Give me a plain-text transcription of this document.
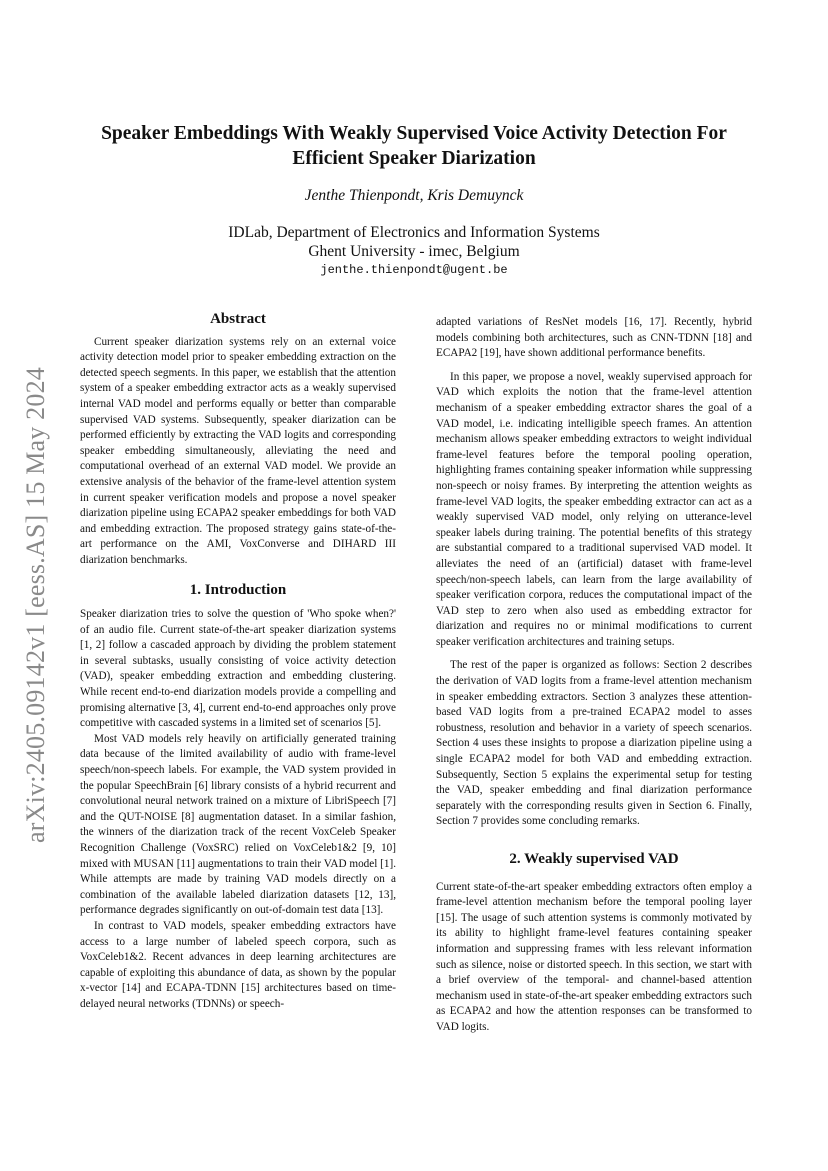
arXiv:2405.09142v1 [eess.AS] 15 May 2024
Speaker Embeddings With Weakly Supervised Voice Activity Detection For
Efficient Speaker Diarization
Jenthe Thienpondt, Kris Demuynck
IDLab, Department of Electronics and Information Systems
Ghent University - imec, Belgium
jenthe.thienpondt@ugent.be
Abstract

Current speaker diarization systems rely on an external voice activity detection model prior to speaker embedding extraction on the detected speech segments. In this paper, we establish that the attention system of a speaker embedding extractor acts as a weakly supervised internal VAD model and performs equally or better than comparable supervised VAD systems. Subsequently, speaker diarization can be performed efficiently by extracting the VAD logits and corresponding speaker embedding simultaneously, alleviating the need and computational overhead of an external VAD model. We provide an extensive analysis of the behavior of the frame-level attention system in current speaker verification models and propose a novel speaker diarization pipeline using ECAPA2 speaker embeddings for both VAD and embedding extraction. The proposed strategy gains state-of-the-art performance on the AMI, VoxConverse and DIHARD III diarization benchmarks.

1. Introduction

Speaker diarization tries to solve the question of 'Who spoke when?' of an audio file. Current state-of-the-art speaker diarization systems [1, 2] follow a cascaded approach by dividing the problem statement in several subtasks, usually consisting of voice activity detection (VAD), speaker embedding extraction and embedding clustering. While recent end-to-end diarization models provide a compelling and promising alternative [3, 4], current end-to-end approaches only prove competitive with cascaded systems in a limited set of scenarios [5].

Most VAD models rely heavily on artificially generated training data because of the limited availability of audio with frame-level speech/non-speech labels. For example, the VAD system provided in the popular SpeechBrain [6] library consists of a hybrid recurrent and convolutional neural network trained on a mixture of LibriSpeech [7] and the QUT-NOISE [8] augmentation dataset. In a similar fashion, the winners of the diarization track of the recent VoxCeleb Speaker Recognition Challenge (VoxSRC) relied on VoxCeleb1&2 [9, 10] mixed with MUSAN [11] augmentations to train their VAD model [1]. While attempts are made by training VAD models directly on a combination of the available labeled diarization datasets [12, 13], performance degrades significantly on out-of-domain test data [13].

In contrast to VAD models, speaker embedding extractors have access to a large number of labeled speech corpora, such as VoxCeleb1&2. Recent advances in deep learning architectures are capable of exploiting this abundance of data, as shown by the popular x-vector [14] and ECAPA-TDNN [15] architectures based on time-delayed neural networks (TDNNs) or speech-

adapted variations of ResNet models [16, 17]. Recently, hybrid models combining both architectures, such as CNN-TDNN [18] and ECAPA2 [19], have shown additional performance benefits.

In this paper, we propose a novel, weakly supervised approach for VAD which exploits the notion that the frame-level attention mechanism of a speaker embedding extractor shares the goal of a VAD model, i.e. indicating intelligible speech frames. An attention mechanism allows speaker embedding extractors to weight individual frame-level features before the temporal pooling operation, highlighting frames containing speaker information while suppressing non-speech or noisy frames. By interpreting the attention weights as frame-level VAD logits, the speaker embedding extractor can act as a weakly supervised VAD model, only relying on utterance-level speaker labels during training. The potential benefits of this strategy are substantial compared to a traditional supervised VAD model. It alleviates the need of an (artificial) dataset with frame-level speech/non-speech labels, can learn from the large availability of speaker verification corpora, reduces the computational impact of the VAD step to zero when also used as embedding extractor for diarization and requires no or minimal modifications to current speaker verification architectures and training setups.

The rest of the paper is organized as follows: Section 2 describes the derivation of VAD logits from a frame-level attention mechanism in speaker embedding extractors. Section 3 analyzes these attention-based VAD logits from a pre-trained ECAPA2 model to asses robustness, resolution and behavior in a variety of speech scenarios. Section 4 uses these insights to propose a diarization pipeline using a single ECAPA2 model for both VAD and embedding extraction. Subsequently, Section 5 explains the experimental setup for testing the VAD, speaker embedding and final diarization performance separately with the corresponding results given in Section 6. Finally, Section 7 provides some concluding remarks.

2. Weakly supervised VAD

Current state-of-the-art speaker embedding extractors often employ a frame-level attention mechanism before the temporal pooling layer [15]. The usage of such attention systems is commonly motivated by its ability to highlight frame-level features containing speaker information and suppressing frames with less relevant information such as silence, noise or distorted speech. In this section, we start with a brief overview of the temporal- and channel-based attention mechanism used in state-of-the-art speaker embedding extractors such as ECAPA2 and how the attention responses can be transformed to VAD logits.
